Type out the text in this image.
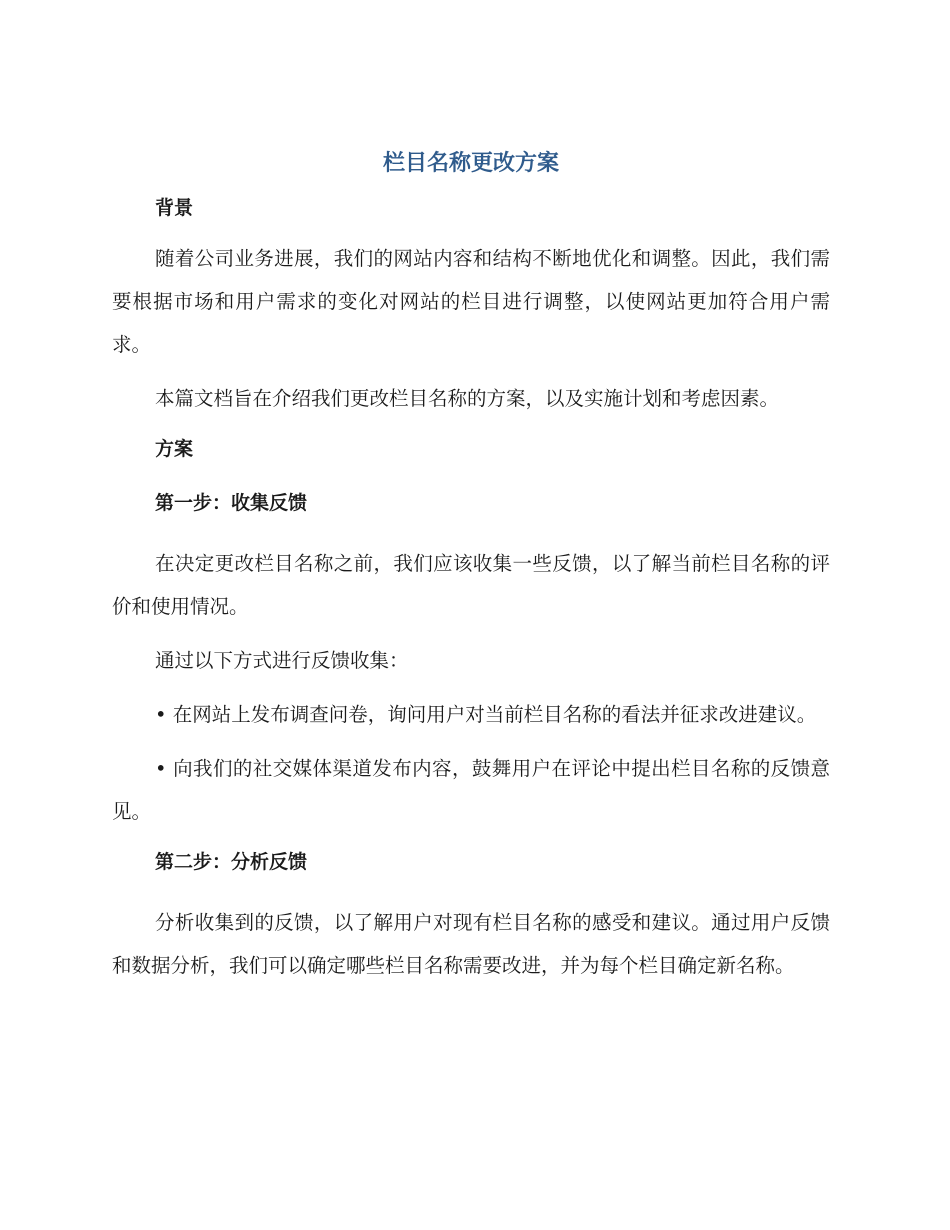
栏目名称更改方案
背景

随着公司业务进展，我们的网站内容和结构不断地优化和调整。因此，我们需要根据市场和用户需求的变化对网站的栏目进行调整，以使网站更加符合用户需求。

本篇文档旨在介绍我们更改栏目名称的方案，以及实施计划和考虑因素。

方案
第一步：收集反馈

在决定更改栏目名称之前，我们应该收集一些反馈，以了解当前栏目名称的评价和使用情况。

通过以下方式进行反馈收集：

• 在网站上发布调查问卷，询问用户对当前栏目名称的看法并征求改进建议。

• 向我们的社交媒体渠道发布内容，鼓舞用户在评论中提出栏目名称的反馈意见。

第二步：分析反馈

分析收集到的反馈，以了解用户对现有栏目名称的感受和建议。通过用户反馈和数据分析，我们可以确定哪些栏目名称需要改进，并为每个栏目确定新名称。
